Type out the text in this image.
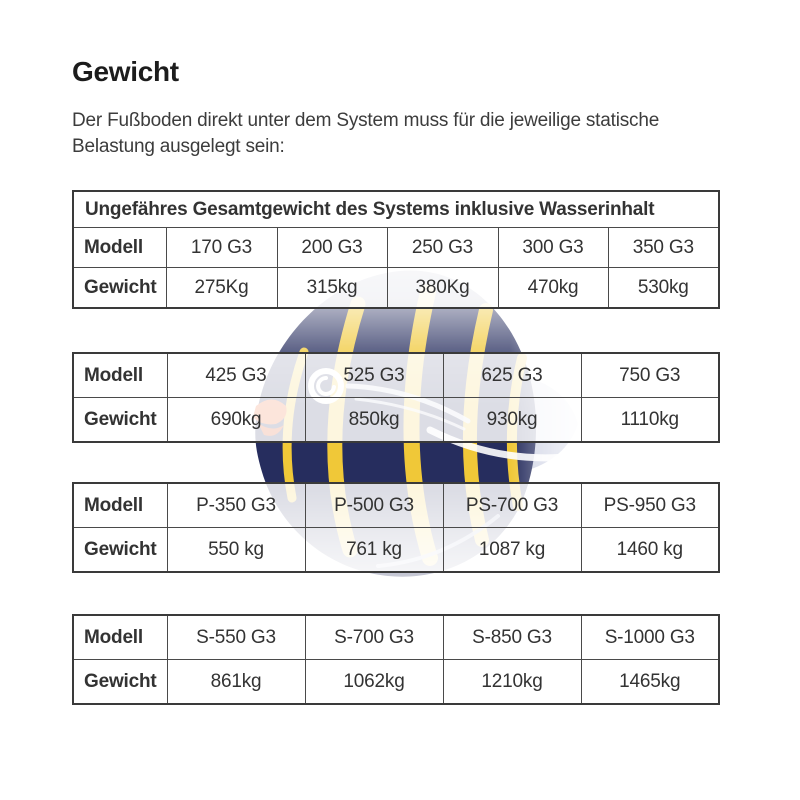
Gewicht
Der Fußboden direkt unter dem System muss für die jeweilige statische
Belastung ausgelegt sein:
Ungefähres Gesamtgewicht des Systems inklusive Wasserinhalt					
Modell	170 G3	200 G3	250 G3	300 G3	350 G3
Gewicht	275Kg	315kg	380Kg	470kg	530kg
Modell	425 G3	525 G3	625 G3	750 G3
Gewicht	690kg	850kg	930kg	1110kg
Modell	P-350 G3	P-500 G3	PS-700 G3	PS-950 G3
Gewicht	550 kg	761 kg	1087 kg	1460 kg
Modell	S-550 G3	S-700 G3	S-850 G3	S-1000 G3
Gewicht	861kg	1062kg	1210kg	1465kg
